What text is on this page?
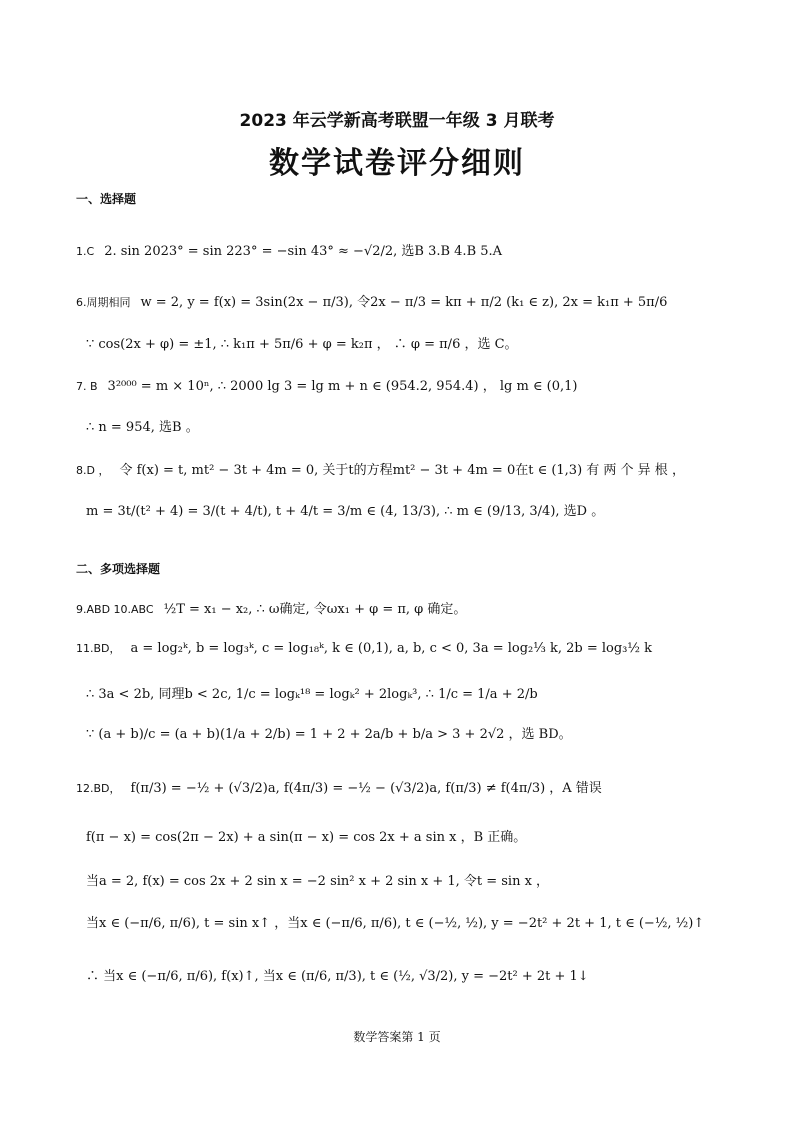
2023 年云学新高考联盟一年级 3 月联考
数学试卷评分细则
一、选择题
1.C 2. sin 2023° = sin 223° = −sin 43° ≈ −√2/2, 选B 3.B 4.B 5.A
6.周期相同 w = 2, y = f(x) = 3sin(2x − π/3), 令2x − π/3 = kπ + π/2 (k₁ ∈ z), 2x = k₁π + 5π/6
∵ cos(2x + φ) = ±1, ∴ k₁π + 5π/6 + φ = k₂π ， ∴ φ = π/6 ，选 C。
7. B 3²⁰⁰⁰ = m × 10ⁿ, ∴ 2000 lg 3 = lg m + n ∈ (954.2, 954.4) ， lg m ∈ (0,1)
∴ n = 954, 选B 。
8.D ， 令 f(x) = t, mt² − 3t + 4m = 0, 关于t的方程mt² − 3t + 4m = 0在t ∈ (1,3) 有 两 个 异 根 ，
m = 3t/(t² + 4) = 3/(t + 4/t), t + 4/t = 3/m ∈ (4, 13/3), ∴ m ∈ (9/13, 3/4), 选D 。
二、多项选择题
9.ABD 10.ABC ½T = x₁ − x₂, ∴ ω确定, 令ωx₁ + φ = π, φ 确定。
11.BD， a = log₂ᵏ, b = log₃ᵏ, c = log₁₈ᵏ, k ∈ (0,1), a, b, c < 0, 3a = log₂⅓ k, 2b = log₃½ k
∴ 3a < 2b, 同理b < 2c, 1/c = logₖ¹⁸ = logₖ² + 2logₖ³, ∴ 1/c = 1/a + 2/b
∵ (a + b)/c = (a + b)(1/a + 2/b) = 1 + 2 + 2a/b + b/a > 3 + 2√2 ，选 BD。
12.BD， f(π/3) = −½ + (√3/2)a, f(4π/3) = −½ − (√3/2)a, f(π/3) ≠ f(4π/3) ，A 错误
f(π − x) = cos(2π − 2x) + a sin(π − x) = cos 2x + a sin x ，B 正确。
当a = 2, f(x) = cos 2x + 2 sin x = −2 sin² x + 2 sin x + 1, 令t = sin x ，
当x ∈ (−π/6, π/6), t = sin x↑ ，当x ∈ (−π/6, π/6), t ∈ (−½, ½), y = −2t² + 2t + 1, t ∈ (−½, ½)↑
∴ 当x ∈ (−π/6, π/6), f(x)↑, 当x ∈ (π/6, π/3), t ∈ (½, √3/2), y = −2t² + 2t + 1↓
数学答案第 1 页
